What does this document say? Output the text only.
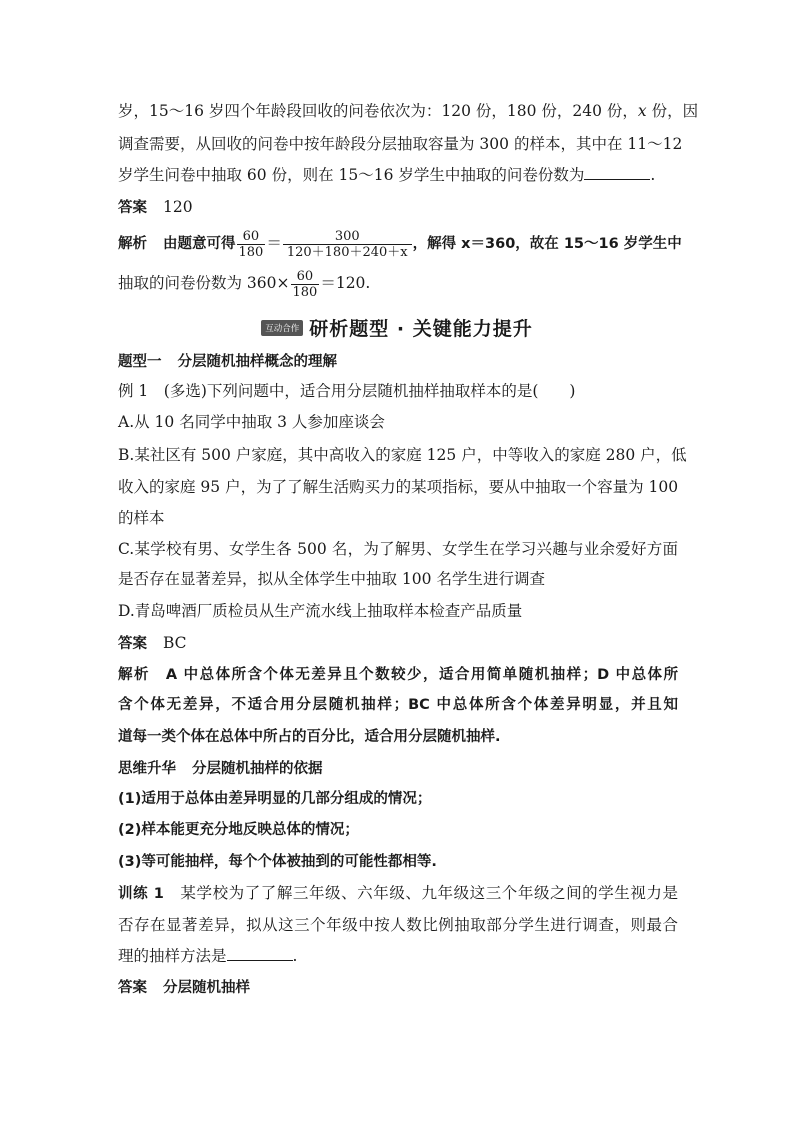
岁，15～16 岁四个年龄段回收的问卷依次为：120 份，180 份，240 份，x 份，因
调查需要，从回收的问卷中按年龄段分层抽取容量为 300 的样本，其中在 11～12
岁学生问卷中抽取 60 份，则在 15～16 岁学生中抽取的问卷份数为	.
答案 120
解析 由题意可得 $\frac{60}{180} = \frac{300}{120+180+240+x}$ ，解得 x＝360，故在 15～16 岁学生中
抽取的问卷份数为 $360\times \frac{60}{180} =120$.
互动合作 研析题型 · 关键能力提升
题型一 分层随机抽样概念的理解
例 1　(多选)下列问题中，适合用分层随机抽样抽取样本的是(　　)
A.从 10 名同学中抽取 3 人参加座谈会
B.某社区有 500 户家庭，其中高收入的家庭 125 户，中等收入的家庭 280 户，低
收入的家庭 95 户，为了了解生活购买力的某项指标，要从中抽取一个容量为 100
的样本
C.某学校有男、女学生各 500 名，为了解男、女学生在学习兴趣与业余爱好方面
是否存在显著差异，拟从全体学生中抽取 100 名学生进行调查
D.青岛啤酒厂质检员从生产流水线上抽取样本检查产品质量
答案 BC
解析 A 中总体所含个体无差异且个数较少，适合用简单随机抽样；D 中总体所
含个体无差异，不适合用分层随机抽样；BC 中总体所含个体差异明显，并且知
道每一类个体在总体中所占的百分比，适合用分层随机抽样.
思维升华 分层随机抽样的依据
(1)适用于总体由差异明显的几部分组成的情况；
(2)样本能更充分地反映总体的情况；
(3)等可能抽样，每个个体被抽到的可能性都相等.
训练 1 某学校为了了解三年级、六年级、九年级这三个年级之间的学生视力是
否存在显著差异，拟从这三个年级中按人数比例抽取部分学生进行调查，则最合
理的抽样方法是	.
答案 分层随机抽样
